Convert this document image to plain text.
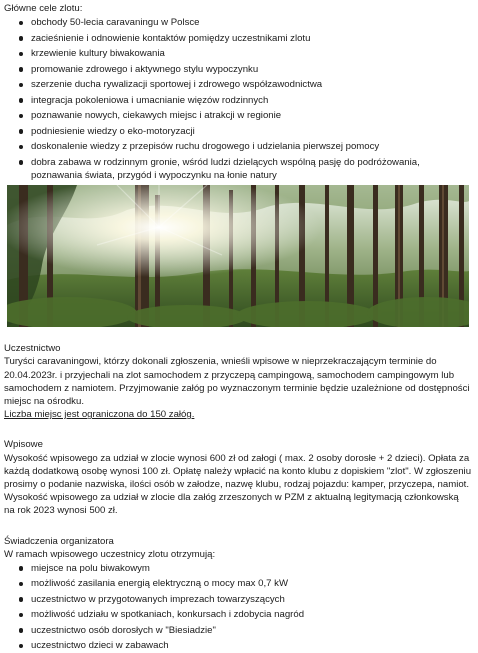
Główne cele zlotu:

obchody 50-lecia caravaningu w Polsce
zacieśnienie i odnowienie kontaktów pomiędzy uczestnikami zlotu
krzewienie kultury biwakowania
promowanie zdrowego i aktywnego stylu wypoczynku
szerzenie ducha rywalizacji sportowej i zdrowego współzawodnictwa
integracja pokoleniowa i umacnianie więzów rodzinnych
poznawanie nowych, ciekawych miejsc i atrakcji w regionie
podniesienie wiedzy o eko-motoryzacji
doskonalenie wiedzy z przepisów ruchu drogowego i udzielania pierwszej pomocy
dobra zabawa w rodzinnym gronie, wśród ludzi dzielących wspólną pasję do podróżowania, poznawania świata, przygód i wypoczynku na łonie natury

Uczestnictwo

Turyści caravaningowi, którzy dokonali zgłoszenia, wnieśli wpisowe w nieprzekraczającym terminie do 20.04.2023r. i przyjechali na zlot samochodem z przyczepą campingową, samochodem campingowym lub samochodem z namiotem. Przyjmowanie załóg po wyznaczonym terminie będzie uzależnione od dostępności miejsc na ośrodku.

Liczba miejsc jest ograniczona do 150 załóg.

Wpisowe

Wysokość wpisowego za udział w zlocie wynosi 600 zł od załogi ( max. 2 osoby dorosłe + 2 dzieci). Opłata za każdą dodatkową osobę wynosi 100 zł. Opłatę należy wpłacić na konto klubu z dopiskiem "zlot". W zgłoszeniu prosimy o podanie nazwiska, ilości osób w załodze, nazwę klubu, rodzaj pojazdu: kamper, przyczepa, namiot. Wysokość wpisowego za udział w zlocie dla załóg zrzeszonych w PZM z aktualną legitymacją członkowską na rok 2023 wynosi 500 zł.

Świadczenia organizatora

W ramach wpisowego uczestnicy zlotu otrzymują:

miejsce na polu biwakowym
możliwość zasilania energią elektryczną o mocy max 0,7 kW
uczestnictwo w przygotowanych imprezach towarzyszących
możliwość udziału w spotkaniach, konkursach i zdobycia nagród
uczestnictwo osób dorosłych w "Biesiadzie"
uczestnictwo dzieci w zabawach
